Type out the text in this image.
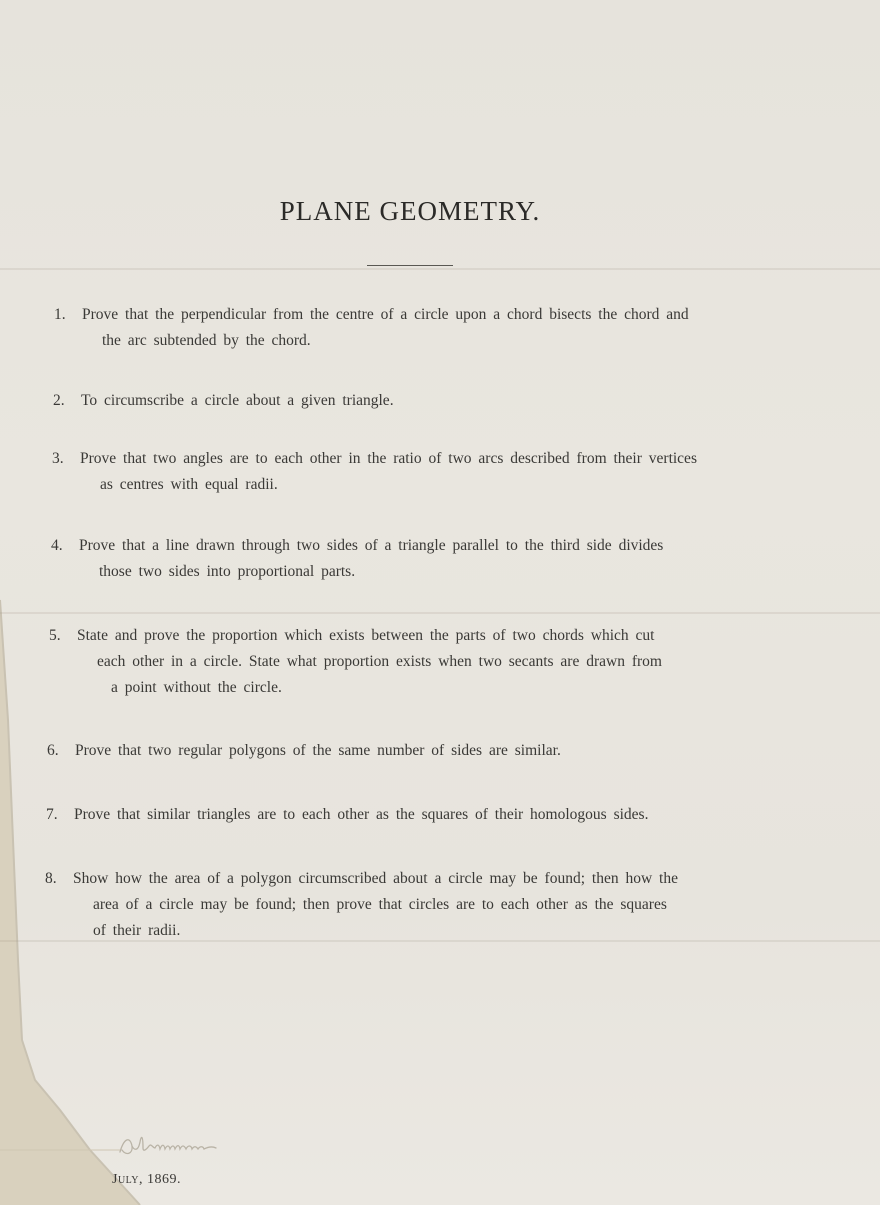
PLANE GEOMETRY.
1.	Prove that the perpendicular from the centre of a circle upon a chord bisects the chord and
the arc subtended by the chord.
2.	To circumscribe a circle about a given triangle.
3.	Prove that two angles are to each other in the ratio of two arcs described from their vertices
as centres with equal radii.
4.	Prove that a line drawn through two sides of a triangle parallel to the third side divides
those two sides into proportional parts.
5.	State and prove the proportion which exists between the parts of two chords which cut
each other in a circle. State what proportion exists when two secants are drawn from
a point without the circle.
6.	Prove that two regular polygons of the same number of sides are similar.
7.	Prove that similar triangles are to each other as the squares of their homologous sides.
8.	Show how the area of a polygon circumscribed about a circle may be found; then how the
area of a circle may be found; then prove that circles are to each other as the squares
of their radii.
July, 1869.
